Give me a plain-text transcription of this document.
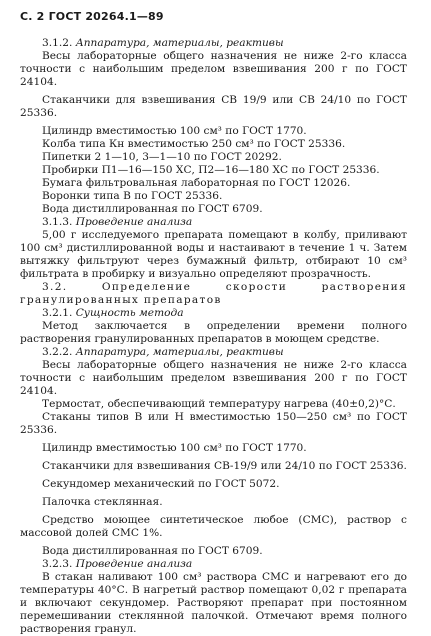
С. 2 ГОСТ 20264.1—89

3.1.2. Аппаратура, материалы, реактивы

Весы лабораторные общего назначения не ниже 2-го класса точности с наибольшим пределом взвешивания 200 г по ГОСТ 24104.

Стаканчики для взвешивания СВ 19/9 или СВ 24/10 по ГОСТ 25336.

Цилиндр вместимостью 100 см³ по ГОСТ 1770.

Колба типа Кн вместимостью 250 см³ по ГОСТ 25336.

Пипетки 2 1—10, 3—1—10 по ГОСТ 20292.

Пробирки П1—16—150 ХС, П2—16—180 ХС по ГОСТ 25336.

Бумага фильтровальная лабораторная по ГОСТ 12026.

Воронки типа В по ГОСТ 25336.

Вода дистиллированная по ГОСТ 6709.

3.1.3. Проведение анализа

5,00 г исследуемого препарата помещают в колбу, приливают 100 см³ дистиллированной воды и настаивают в течение 1 ч. Затем вытяжку фильтруют через бумажный фильтр, отбирают 10 см³ фильтрата в пробирку и визуально определяют прозрачность.

3.2. Определение скорости растворения гранулированных препаратов

3.2.1. Сущность метода

Метод заключается в определении времени полного растворения гранулированных препаратов в моющем средстве.

3.2.2. Аппаратура, материалы, реактивы

Весы лабораторные общего назначения не ниже 2-го класса точности с наибольшим пределом взвешивания 200 г по ГОСТ 24104.

Термостат, обеспечивающий температуру нагрева (40±0,2)°С.

Стаканы типов В или Н вместимостью 150—250 см³ по ГОСТ 25336.

Цилиндр вместимостью 100 см³ по ГОСТ 1770.

Стаканчики для взвешивания СВ-19/9 или 24/10 по ГОСТ 25336.

Секундомер механический по ГОСТ 5072.

Палочка стеклянная.

Средство моющее синтетическое любое (СМС), раствор с массовой долей СМС 1%.

Вода дистиллированная по ГОСТ 6709.

3.2.3. Проведение анализа

В стакан наливают 100 см³ раствора СМС и нагревают его до температуры 40°С. В нагретый раствор помещают 0,02 г препарата и включают секундомер. Растворяют препарат при постоянном перемешивании стеклянной палочкой. Отмечают время полного растворения гранул.
